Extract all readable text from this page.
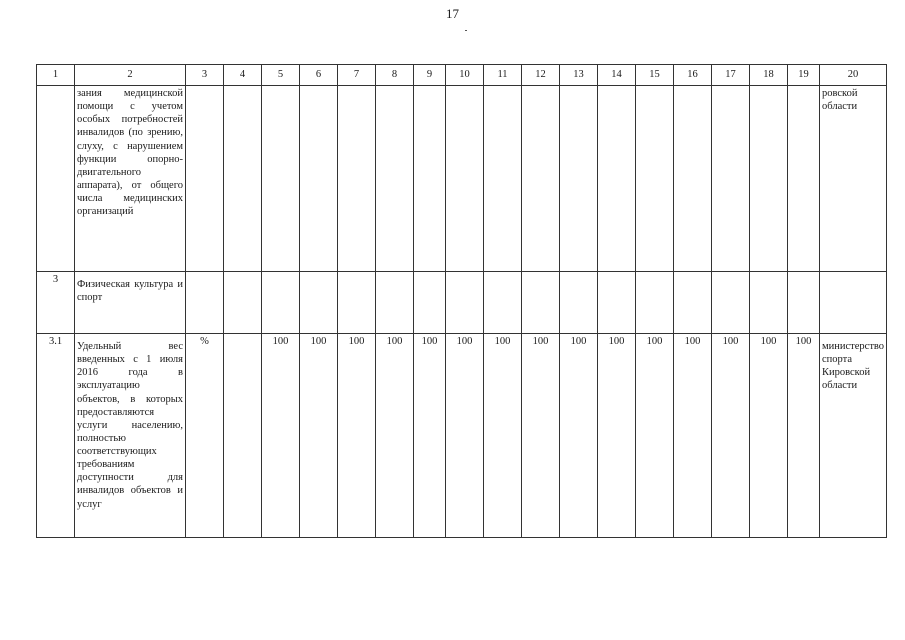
17
1	2	3	4	5	6	7	8	9	10	11	12	13	14	15	16	17	18	19	20
	зания медицинской помощи с учетом особых потребностей инвалидов (по зрению, слуху, с нарушением функции опорно-двигательного аппарата), от общего числа медицинских организаций																		ровской области
3	Физическая культура и спорт																		
3.1	Удельный вес введенных с 1 июля 2016 года в эксплуатацию объектов, в которых предоставляются услуги населению, полностью соответствующих требованиям доступности для инвалидов объектов и услуг	%		100	100	100	100	100	100	100	100	100	100	100	100	100	100	100	министерство спорта Кировской области
